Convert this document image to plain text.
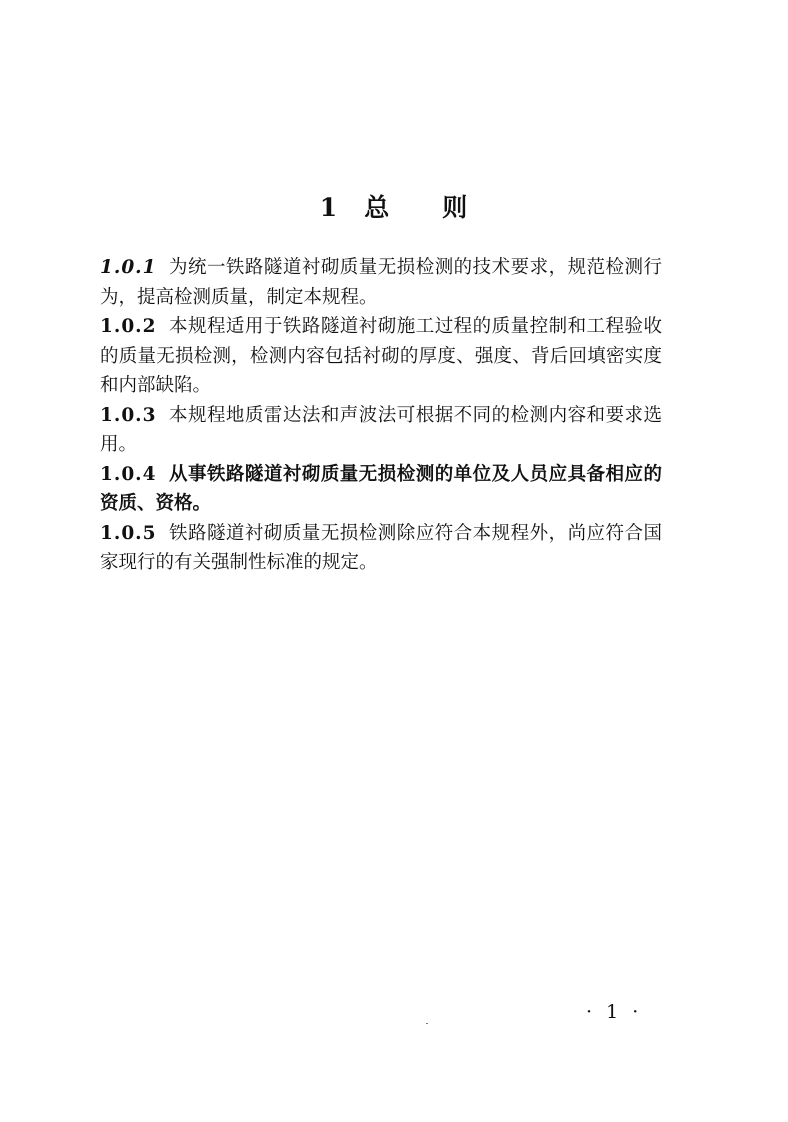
1 总 则

1.0.1 为统一铁路隧道衬砌质量无损检测的技术要求，规范检测行为，提高检测质量，制定本规程。

1.0.2 本规程适用于铁路隧道衬砌施工过程的质量控制和工程验收的质量无损检测，检测内容包括衬砌的厚度、强度、背后回填密实度和内部缺陷。

1.0.3 本规程地质雷达法和声波法可根据不同的检测内容和要求选用。

1.0.4 从事铁路隧道衬砌质量无损检测的单位及人员应具备相应的资质、资格。

1.0.5 铁路隧道衬砌质量无损检测除应符合本规程外，尚应符合国家现行的有关强制性标准的规定。

· 1 ·
